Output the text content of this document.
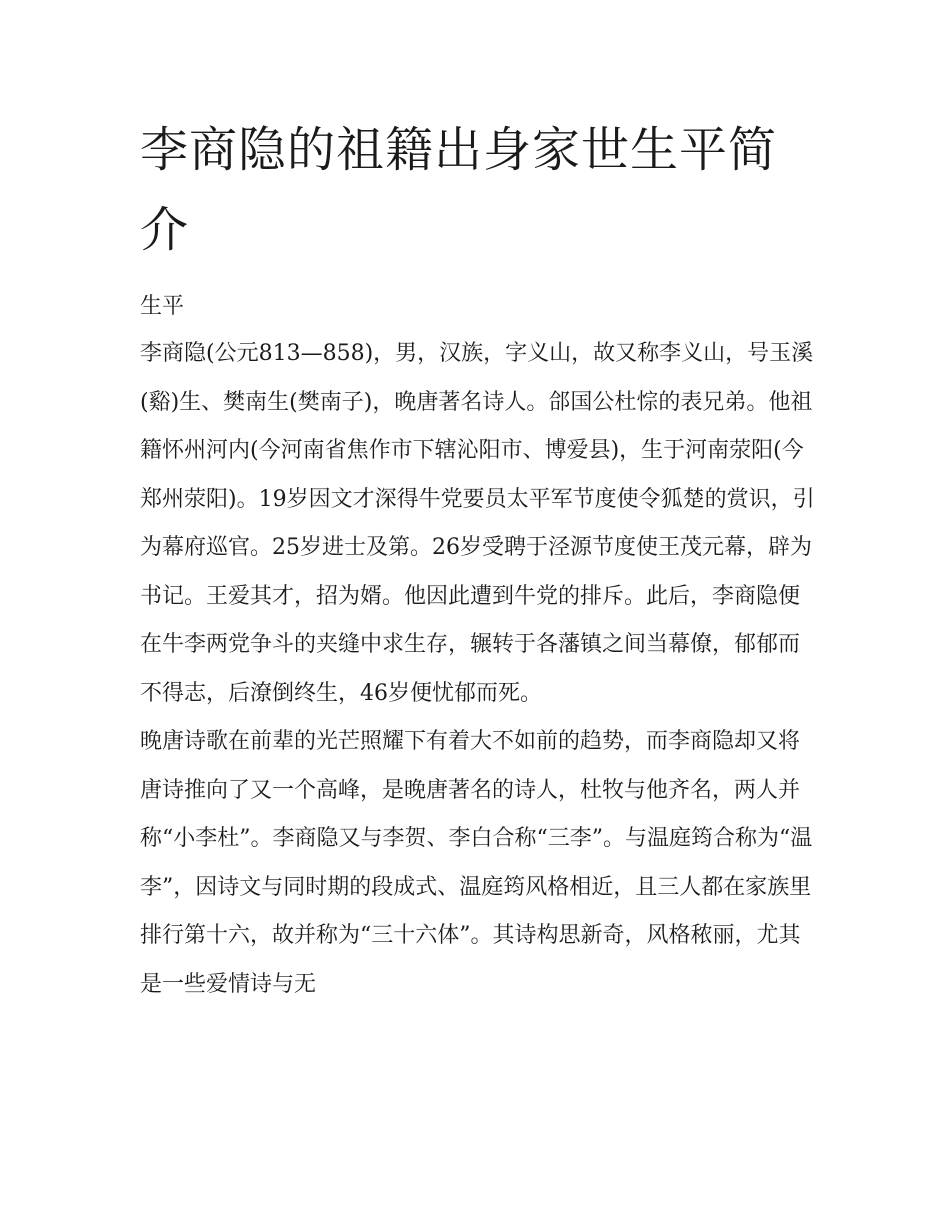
李商隐的祖籍出身家世生平简介
生平

李商隐(公元813—858)，男，汉族，字义山，故又称李义山，号玉溪(谿)生、樊南生(樊南子)，晚唐著名诗人。郃国公杜悰的表兄弟。他祖籍怀州河内(今河南省焦作市下辖沁阳市、博爱县)，生于河南荥阳(今郑州荥阳)。19岁因文才深得牛党要员太平军节度使令狐楚的赏识，引为幕府巡官。25岁进士及第。26岁受聘于泾源节度使王茂元幕，辟为书记。王爱其才，招为婿。他因此遭到牛党的排斥。此后，李商隐便在牛李两党争斗的夹缝中求生存，辗转于各藩镇之间当幕僚，郁郁而不得志，后潦倒终生，46岁便忧郁而死。

晚唐诗歌在前辈的光芒照耀下有着大不如前的趋势，而李商隐却又将唐诗推向了又一个高峰，是晚唐著名的诗人，杜牧与他齐名，两人并称“小李杜”。李商隐又与李贺、李白合称“三李”。与温庭筠合称为“温李”，因诗文与同时期的段成式、温庭筠风格相近，且三人都在家族里排行第十六，故并称为“三十六体”。其诗构思新奇，风格秾丽，尤其是一些爱情诗与无
